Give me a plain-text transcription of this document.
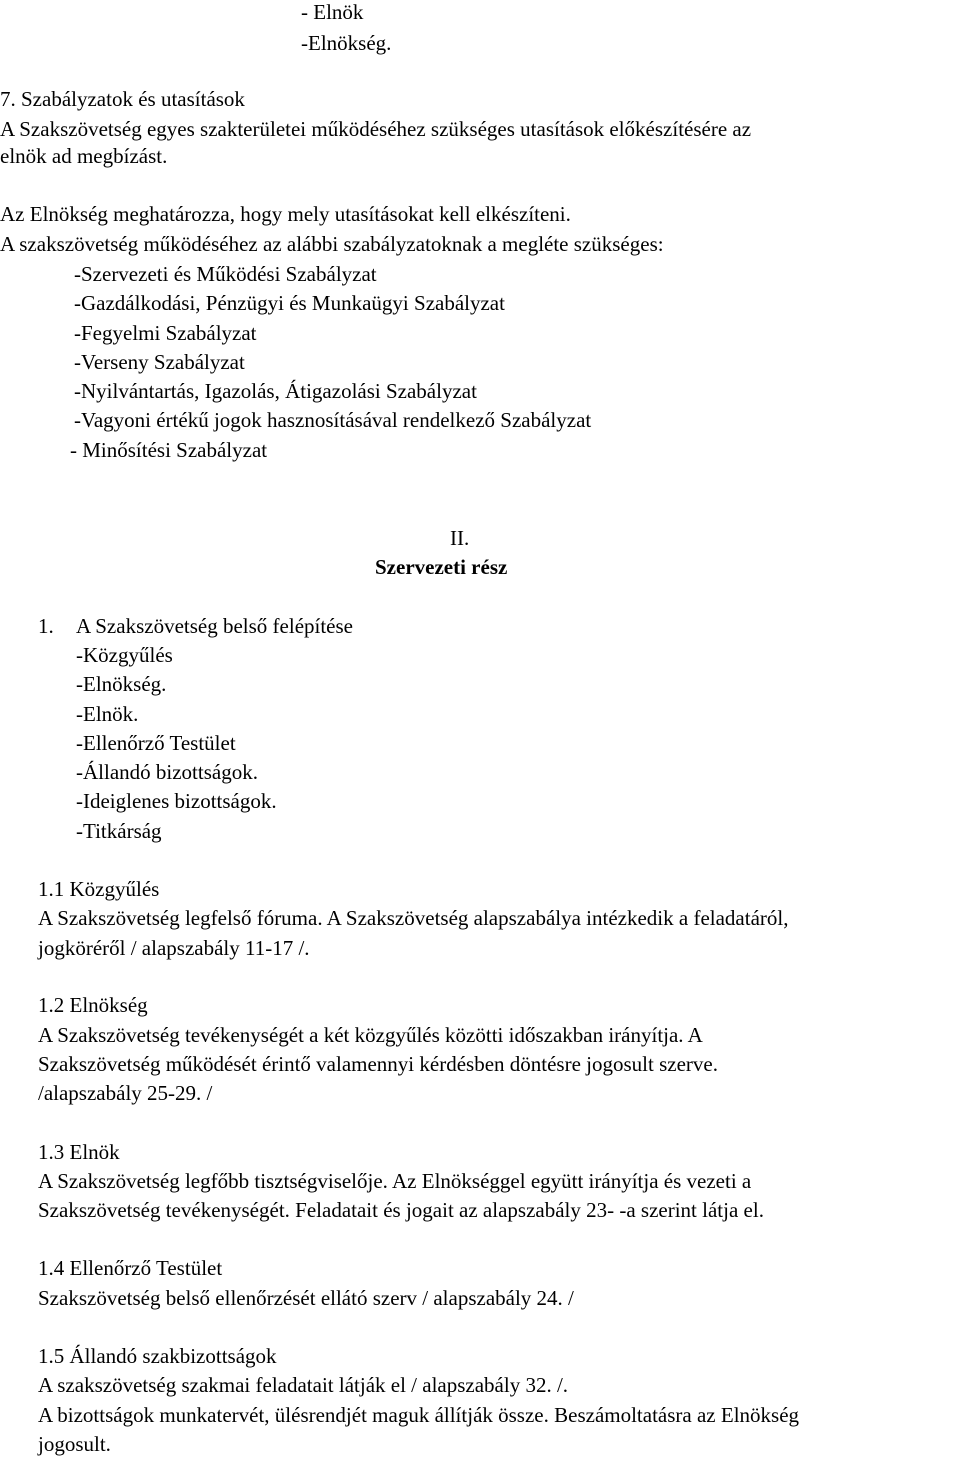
- Elnök
-Elnökség.
7. Szabályzatok és utasítások
A Szakszövetség egyes szakterületei működéséhez szükséges utasítások előkészítésére az
elnök ad megbízást.
Az Elnökség meghatározza, hogy mely utasításokat kell elkészíteni.
A szakszövetség működéséhez az alábbi szabályzatoknak a megléte szükséges:
-Szervezeti és Működési Szabályzat
-Gazdálkodási, Pénzügyi és Munkaügyi Szabályzat
-Fegyelmi Szabályzat
-Verseny Szabályzat
-Nyilvántartás, Igazolás, Átigazolási Szabályzat
-Vagyoni értékű jogok hasznosításával rendelkező Szabályzat
- Minősítési Szabályzat
II.
Szervezeti rész
1. A Szakszövetség belső felépítése
-Közgyűlés
-Elnökség.
-Elnök.
-Ellenőrző Testület
-Állandó bizottságok.
-Ideiglenes bizottságok.
-Titkárság
1.1 Közgyűlés
A Szakszövetség legfelső fóruma. A Szakszövetség alapszabálya intézkedik a feladatáról,
jogköréről / alapszabály 11-17 /.
1.2 Elnökség
A Szakszövetség tevékenységét a két közgyűlés közötti időszakban irányítja. A
Szakszövetség működését érintő valamennyi kérdésben döntésre jogosult szerve.
/alapszabály 25-29. /
1.3 Elnök
A Szakszövetség legfőbb tisztségviselője. Az Elnökséggel együtt irányítja és vezeti a
Szakszövetség tevékenységét. Feladatait és jogait az alapszabály 23- -a szerint látja el.
1.4 Ellenőrző Testület
Szakszövetség belső ellenőrzését ellátó szerv / alapszabály 24. /
1.5 Állandó szakbizottságok
A szakszövetség szakmai feladatait látják el / alapszabály 32. /.
A bizottságok munkatervét, ülésrendjét maguk állítják össze. Beszámoltatásra az Elnökség
jogosult.
